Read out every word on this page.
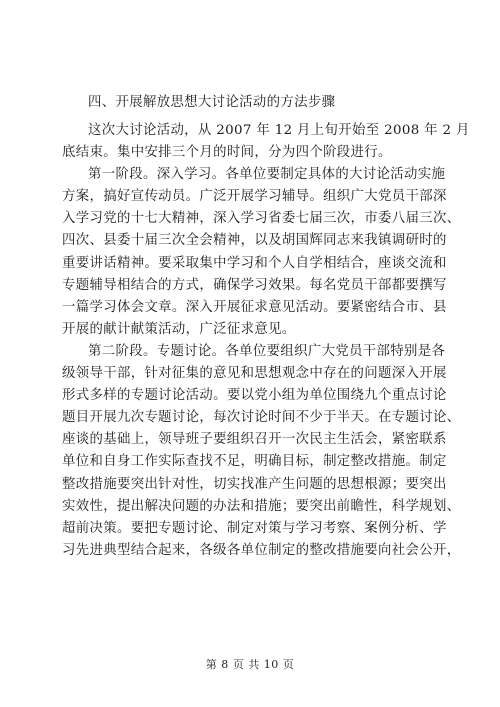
四、开展解放思想大讨论活动的方法步骤
这次大讨论活动，从 2007 年 12 月上旬开始至 2008 年 2 月
底结束。集中安排三个月的时间，分为四个阶段进行。
第一阶段。深入学习。各单位要制定具体的大讨论活动实施
方案，搞好宣传动员。广泛开展学习辅导。组织广大党员干部深
入学习党的十七大精神，深入学习省委七届三次，市委八届三次、
四次、县委十届三次全会精神，以及胡国辉同志来我镇调研时的
重要讲话精神。要采取集中学习和个人自学相结合，座谈交流和
专题辅导相结合的方式，确保学习效果。每名党员干部都要撰写
一篇学习体会文章。深入开展征求意见活动。要紧密结合市、县
开展的献计献策活动，广泛征求意见。
第二阶段。专题讨论。各单位要组织广大党员干部特别是各
级领导干部，针对征集的意见和思想观念中存在的问题深入开展
形式多样的专题讨论活动。要以党小组为单位围绕九个重点讨论
题目开展九次专题讨论，每次讨论时间不少于半天。在专题讨论、
座谈的基础上，领导班子要组织召开一次民主生活会，紧密联系
单位和自身工作实际查找不足，明确目标，制定整改措施。制定
整改措施要突出针对性，切实找准产生问题的思想根源；要突出
实效性，提出解决问题的办法和措施；要突出前瞻性，科学规划、
超前决策。要把专题讨论、制定对策与学习考察、案例分析、学
习先进典型结合起来，各级各单位制定的整改措施要向社会公开，
第 8 页 共 10 页
